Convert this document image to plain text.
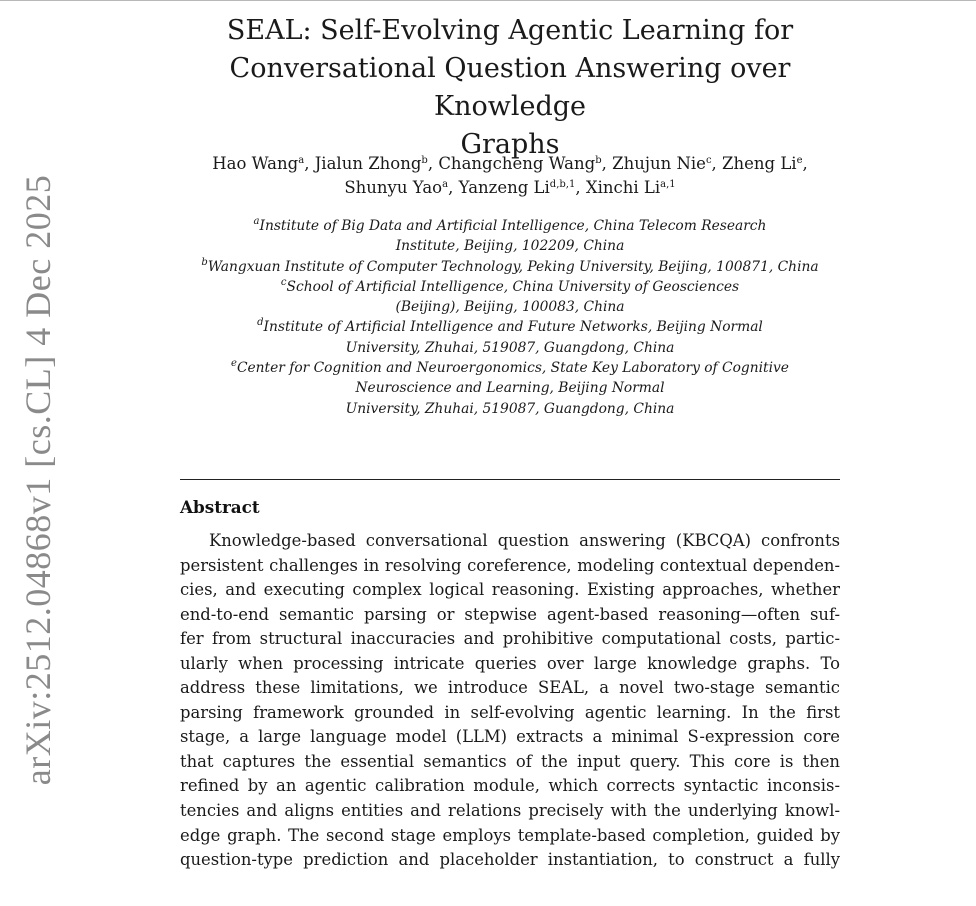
arXiv:2512.04868v1 [cs.CL] 4 Dec 2025
SEAL: Self-Evolving Agentic Learning for
Conversational Question Answering over Knowledge
Graphs
Hao Wang$^a$, Jialun Zhong$^b$, Changcheng Wang$^b$, Zhujun Nie$^c$, Zheng Li$^e$,
Shunyu Yao$^a$, Yanzeng Li$^{d,b,1}$, Xinchi Li$^{a,1}$
$^a$Institute of Big Data and Artificial Intelligence, China Telecom Research
Institute, Beijing, 102209, China
$^b$Wangxuan Institute of Computer Technology, Peking University, Beijing, 100871, China
$^c$School of Artificial Intelligence, China University of Geosciences
(Beijing), Beijing, 100083, China
$^d$Institute of Artificial Intelligence and Future Networks, Beijing Normal
University, Zhuhai, 519087, Guangdong, China
$^e$Center for Cognition and Neuroergonomics, State Key Laboratory of Cognitive
Neuroscience and Learning, Beijing Normal
University, Zhuhai, 519087, Guangdong, China
Abstract
Knowledge-based conversational question answering (KBCQA) confronts
persistent challenges in resolving coreference, modeling contextual dependen-
cies, and executing complex logical reasoning. Existing approaches, whether
end-to-end semantic parsing or stepwise agent-based reasoning—often suf-
fer from structural inaccuracies and prohibitive computational costs, partic-
ularly when processing intricate queries over large knowledge graphs. To
address these limitations, we introduce SEAL, a novel two-stage semantic
parsing framework grounded in self-evolving agentic learning. In the first
stage, a large language model (LLM) extracts a minimal S-expression core
that captures the essential semantics of the input query. This core is then
refined by an agentic calibration module, which corrects syntactic inconsis-
tencies and aligns entities and relations precisely with the underlying knowl-
edge graph. The second stage employs template-based completion, guided by
question-type prediction and placeholder instantiation, to construct a fully
